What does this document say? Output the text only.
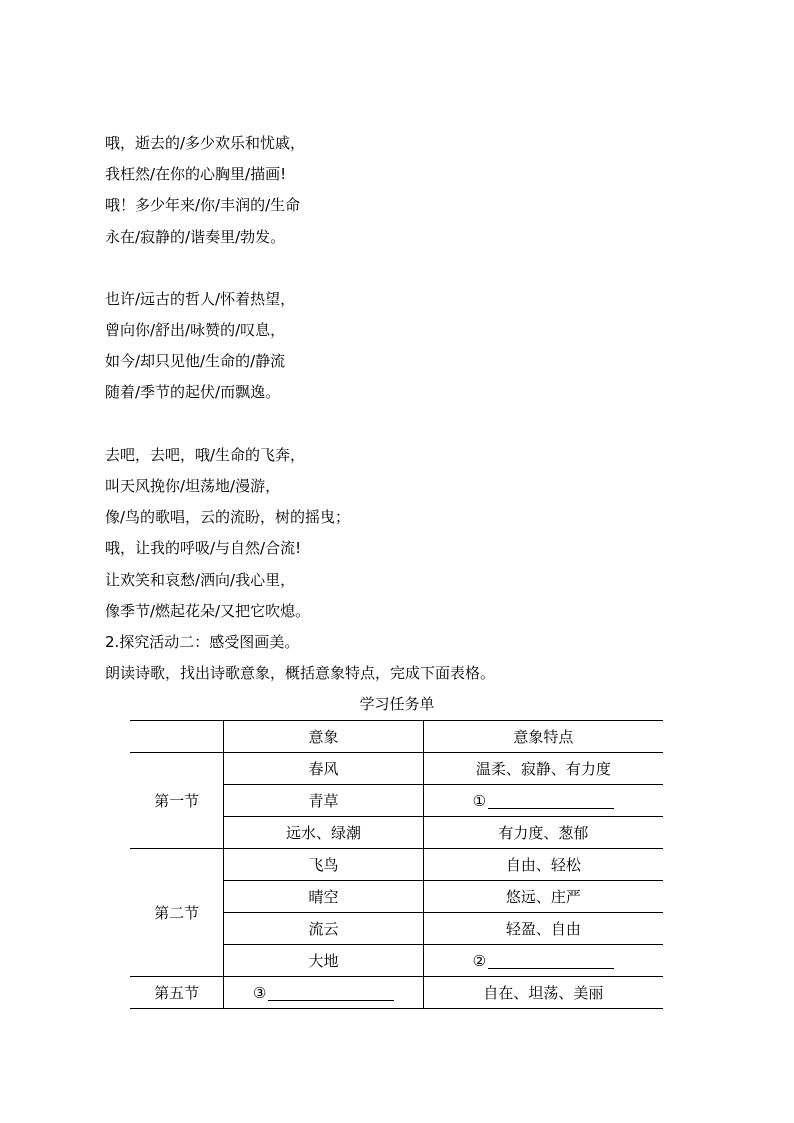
哦，逝去的/多少欢乐和忧戚，
我枉然/在你的心胸里/描画!
哦！多少年来/你/丰润的/生命
永在/寂静的/谐奏里/勃发。
也许/远古的哲人/怀着热望，
曾向你/舒出/咏赞的/叹息，
如今/却只见他/生命的/静流
随着/季节的起伏/而飘逸。
去吧，去吧，哦/生命的飞奔，
叫天风挽你/坦荡地/漫游，
像/鸟的歌唱，云的流盼，树的摇曳；
哦，让我的呼吸/与自然/合流!
让欢笑和哀愁/洒向/我心里，
像季节/燃起花朵/又把它吹熄。
2.探究活动二：感受图画美。
朗读诗歌，找出诗歌意象，概括意象特点，完成下面表格。
学习任务单
	意象	意象特点
第一节	春风	温柔、寂静、有力度
	青草	①
	远水、绿潮	有力度、葱郁
第二节	飞鸟	自由、轻松
	晴空	悠远、庄严
	流云	轻盈、自由
	大地	②
第五节	③	自在、坦荡、美丽
